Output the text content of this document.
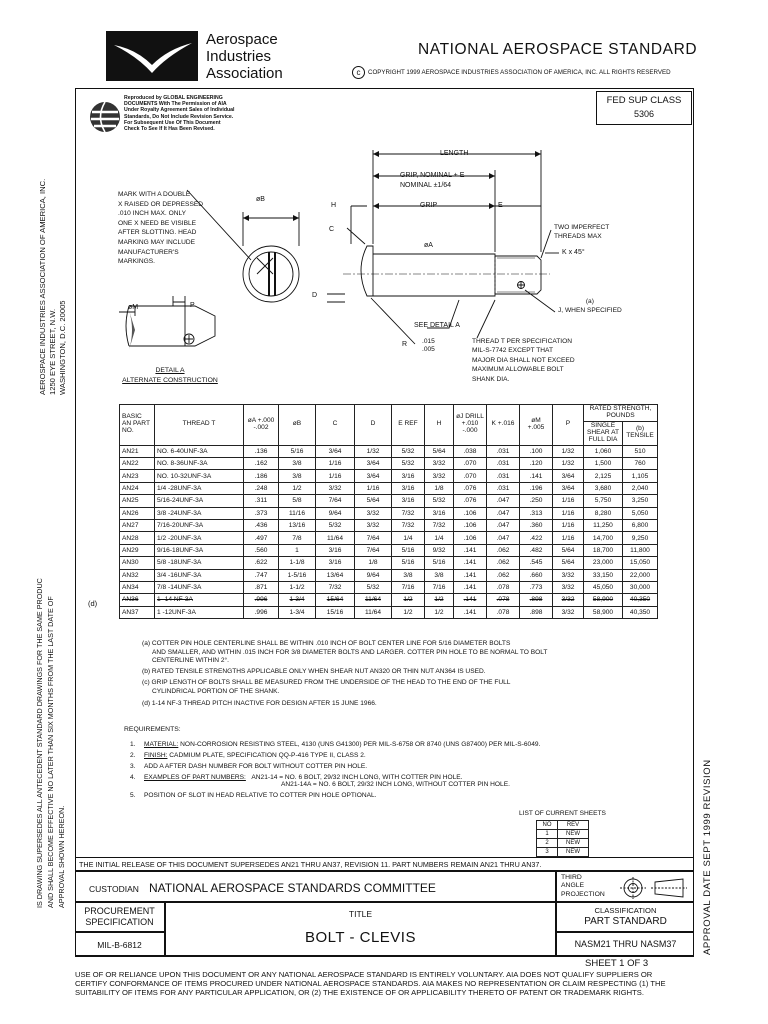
Aerospace
Industries
Association
NATIONAL AEROSPACE STANDARD
c	COPYRIGHT 1999 AEROSPACE INDUSTRIES ASSOCIATION OF AMERICA, INC. ALL RIGHTS RESERVED
Reproduced by GLOBAL ENGINEERING
DOCUMENTS With The Permission of AIA
Under Royalty Agreement Sales of Individual
Standards, Do Not Include Revision Service.
For Subsequent Use Of This Document
Check To See If It Has Been Revised.
FED SUP CLASS
5306
LENGTH
GRIP, NOMINAL + E
NOMINAL ±1/64
GRIP
MARK WITH A DOUBLE
X RAISED OR DEPRESSED
.010 INCH MAX. ONLY
ONE X NEED BE VISIBLE
AFTER SLOTTING. HEAD
MARKING MAY INCLUDE
MANUFACTURER'S
MARKINGS.
øB
H
C
E
D
øA
TWO IMPERFECT
THREADS MAX
K x 45°
(a)
J, WHEN SPECIFIED
SEE DETAIL A
R .015
.005
THREAD T PER SPECIFICATION
MIL-S-7742 EXCEPT THAT
MAJOR DIA SHALL NOT EXCEED
MAXIMUM ALLOWABLE BOLT
SHANK DIA.
øM	P
DETAIL A
ALTERNATE CONSTRUCTION
(d)
BASIC AN PART NO.	THREAD T	øA +.000 -.002	øB	C	D	E REF	H	øJ DRILL +.010 -.000	K +.016	øM +.005	P	RATED STRENGTH, POUNDS	
												SINGLE SHEAR AT FULL DIA	(b) TENSILE
AN21	NO. 6-40UNF-3A	.136	5/16	3/64	1/32	5/32	5/64	.038	.031	.100	1/32	1,060	510
AN22	NO. 8-36UNF-3A	.162	3/8	1/16	3/64	5/32	3/32	.070	.031	.120	1/32	1,500	760
AN23	NO. 10-32UNF-3A	.186	3/8	1/16	3/64	3/16	3/32	.070	.031	.141	3/64	2,125	1,105
AN24	1/4 -28UNF-3A	.248	1/2	3/32	1/16	3/16	1/8	.076	.031	.196	3/64	3,680	2,040
AN25	5/16-24UNF-3A	.311	5/8	7/64	5/64	3/16	5/32	.076	.047	.250	1/16	5,750	3,250
AN26	3/8 -24UNF-3A	.373	11/16	9/64	3/32	7/32	3/16	.106	.047	.313	1/16	8,280	5,050
AN27	7/16-20UNF-3A	.436	13/16	5/32	3/32	7/32	7/32	.106	.047	.360	1/16	11,250	6,800
AN28	1/2 -20UNF-3A	.497	7/8	11/64	7/64	1/4	1/4	.106	.047	.422	1/16	14,700	9,250
AN29	9/16-18UNF-3A	.560	1	3/16	7/64	5/16	9/32	.141	.062	.482	5/64	18,700	11,800
AN30	5/8 -18UNF-3A	.622	1-1/8	3/16	1/8	5/16	5/16	.141	.062	.545	5/64	23,000	15,050
AN32	3/4 -16UNF-3A	.747	1-5/16	13/64	9/64	3/8	3/8	.141	.062	.660	3/32	33,150	22,000
AN34	7/8 -14UNF-3A	.871	1-1/2	7/32	5/32	7/16	7/16	.141	.078	.773	3/32	45,050	30,000
AN36	1 -14 NF-3A	.996	1-3/4	15/64	11/64	1/2	1/2	.141	.078	.898	3/32	58,900	40,350
AN37	1 -12UNF-3A	.996	1-3/4	15/16	11/64	1/2	1/2	.141	.078	.898	3/32	58,900	40,350
(a) COTTER PIN HOLE CENTERLINE SHALL BE WITHIN .010 INCH OF BOLT CENTER LINE FOR 5/16 DIAMETER BOLTS
AND SMALLER, AND WITHIN .015 INCH FOR 3/8 DIAMETER BOLTS AND LARGER. COTTER PIN HOLE TO BE NORMAL TO BOLT
CENTERLINE WITHIN 2°.
(b) RATED TENSILE STRENGTHS APPLICABLE ONLY WHEN SHEAR NUT AN320 OR THIN NUT AN364 IS USED.
(c) GRIP LENGTH OF BOLTS SHALL BE MEASURED FROM THE UNDERSIDE OF THE HEAD TO THE END OF THE FULL
CYLINDRICAL PORTION OF THE SHANK.
(d) 1-14 NF-3 THREAD PITCH INACTIVE FOR DESIGN AFTER 15 JUNE 1966.
REQUIREMENTS:
1. MATERIAL: NON-CORROSION RESISTING STEEL, 4130 (UNS G41300) PER MIL-S-6758 OR 8740 (UNS G87400) PER MIL-S-6049.
2. FINISH: CADMIUM PLATE, SPECIFICATION QQ-P-416 TYPE II, CLASS 2.
3. ADD A AFTER DASH NUMBER FOR BOLT WITHOUT COTTER PIN HOLE.
4. EXAMPLES OF PART NUMBERS: AN21-14 = NO. 6 BOLT, 29/32 INCH LONG, WITH COTTER PIN HOLE.
AN21-14A = NO. 6 BOLT, 29/32 INCH LONG, WITHOUT COTTER PIN HOLE.
5. POSITION OF SLOT IN HEAD RELATIVE TO COTTER PIN HOLE OPTIONAL.
LIST OF CURRENT SHEETS
NO	REV
1	NEW
2	NEW
3	NEW
THE INITIAL RELEASE OF THIS DOCUMENT SUPERSEDES AN21 THRU AN37, REVISION 11. PART NUMBERS REMAIN AN21 THRU AN37.
CUSTODIAN NATIONAL AEROSPACE STANDARDS COMMITTEE
THIRD
ANGLE
PROJECTION
PROCUREMENT
SPECIFICATION
MIL-B-6812
TITLE
BOLT - CLEVIS
CLASSIFICATION
PART STANDARD
NASM21 THRU NASM37
SHEET 1 OF 3
USE OF OR RELIANCE UPON THIS DOCUMENT OR ANY NATIONAL AEROSPACE STANDARD IS ENTIRELY VOLUNTARY. AIA DOES NOT QUALIFY SUPPLIERS OR
CERTIFY CONFORMANCE OF ITEMS PROCURED UNDER NATIONAL AEROSPACE STANDARDS. AIA MAKES NO REPRESENTATION OR CLAIM RESPECTING (1) THE
SUITABILITY OF ITEMS FOR ANY PARTICULAR APPLICATION, OR (2) THE EXISTENCE OF OR APPLICABILITY THERETO OF PATENT OR TRADEMARK RIGHTS.
AEROSPACE INDUSTRIES ASSOCIATION OF AMERICA, INC. 1250 EYE STREET, N.W. WASHINGTON, D.C. 20005
IS DRAWING SUPERSEDES ALL ANTECEDENT STANDARD DRAWINGS FOR THE SAME PRODUC AND SHALL BECOME EFFECTIVE NO LATER THAN SIX MONTHS FROM THE LAST DATE OF APPROVAL SHOWN HEREON.	APPROVAL DATE SEPT 1999 REVISION
